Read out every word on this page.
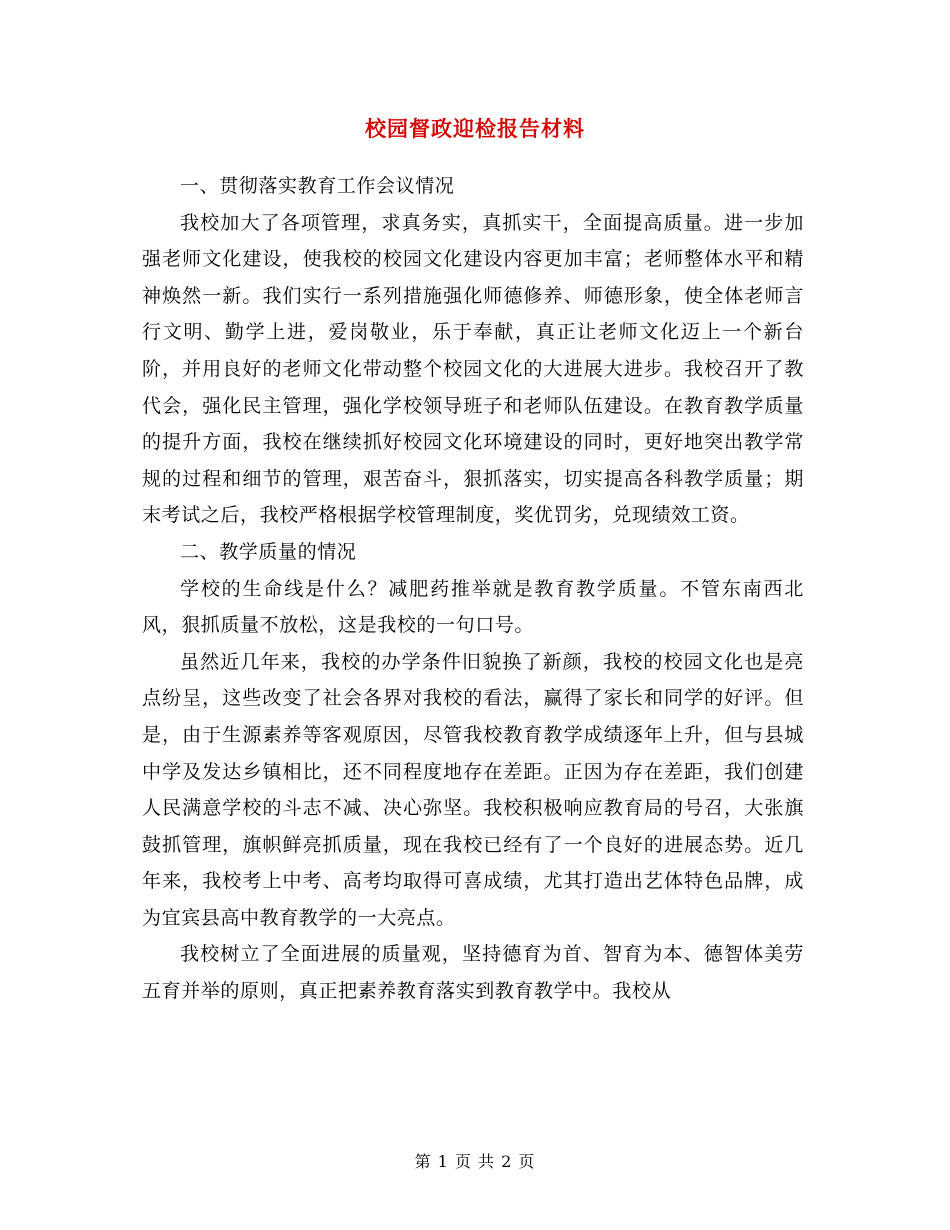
校园督政迎检报告材料

一、贯彻落实教育工作会议情况

我校加大了各项管理，求真务实，真抓实干，全面提高质量。进一步加强老师文化建设，使我校的校园文化建设内容更加丰富；老师整体水平和精神焕然一新。我们实行一系列措施强化师德修养、师德形象，使全体老师言行文明、勤学上进，爱岗敬业，乐于奉献，真正让老师文化迈上一个新台阶，并用良好的老师文化带动整个校园文化的大进展大进步。我校召开了教代会，强化民主管理，强化学校领导班子和老师队伍建设。在教育教学质量的提升方面，我校在继续抓好校园文化环境建设的同时，更好地突出教学常规的过程和细节的管理，艰苦奋斗，狠抓落实，切实提高各科教学质量；期末考试之后，我校严格根据学校管理制度，奖优罚劣，兑现绩效工资。

二、教学质量的情况

学校的生命线是什么？减肥药推举就是教育教学质量。不管东南西北风，狠抓质量不放松，这是我校的一句口号。

虽然近几年来，我校的办学条件旧貌换了新颜，我校的校园文化也是亮点纷呈，这些改变了社会各界对我校的看法，赢得了家长和同学的好评。但是，由于生源素养等客观原因，尽管我校教育教学成绩逐年上升，但与县城中学及发达乡镇相比，还不同程度地存在差距。正因为存在差距，我们创建人民满意学校的斗志不减、决心弥坚。我校积极响应教育局的号召，大张旗鼓抓管理，旗帜鲜亮抓质量，现在我校已经有了一个良好的进展态势。近几年来，我校考上中考、高考均取得可喜成绩，尤其打造出艺体特色品牌，成为宜宾县高中教育教学的一大亮点。

我校树立了全面进展的质量观，坚持德育为首、智育为本、德智体美劳五育并举的原则，真正把素养教育落实到教育教学中。我校从

第 1 页 共 2 页
